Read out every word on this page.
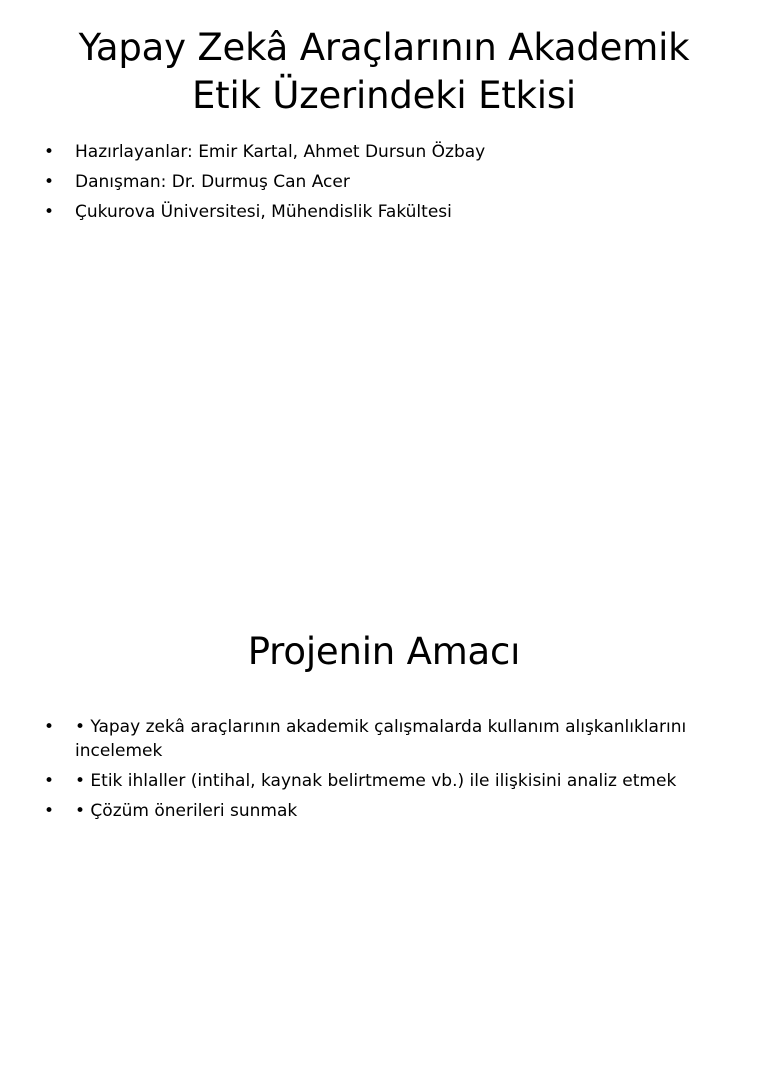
Yapay Zekâ Araçlarının Akademik
Etik Üzerindeki Etkisi
• Hazırlayanlar: Emir Kartal, Ahmet Dursun Özbay
• Danışman: Dr. Durmuş Can Acer
• Çukurova Üniversitesi, Mühendislik Fakültesi
Projenin Amacı
• • Yapay zekâ araçlarının akademik çalışmalarda kullanım alışkanlıklarını incelemek
• • Etik ihlaller (intihal, kaynak belirtmeme vb.) ile ilişkisini analiz etmek
• • Çözüm önerileri sunmak
